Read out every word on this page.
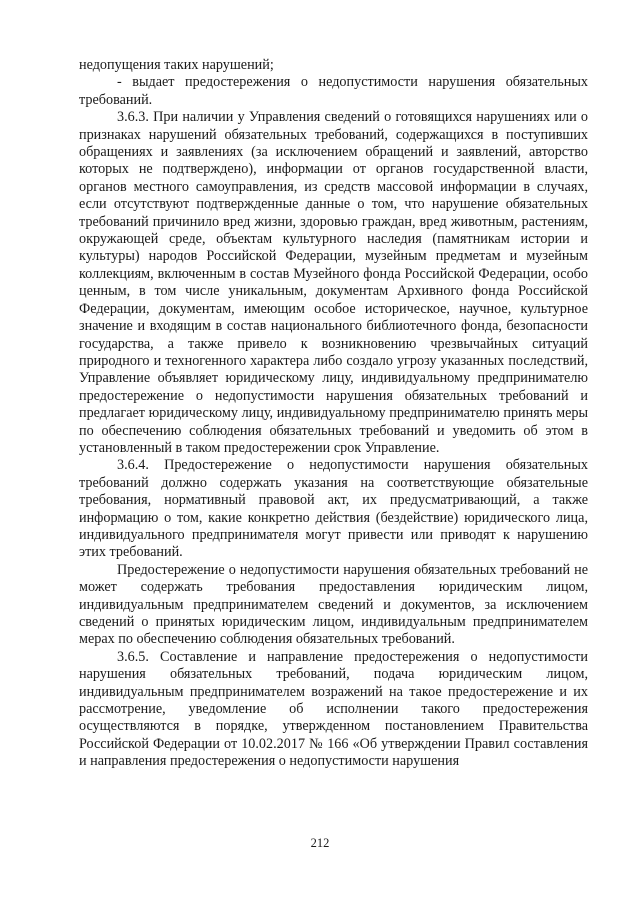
недопущения таких нарушений;

- выдает предостережения о недопустимости нарушения обязательных требований.

3.6.3. При наличии у Управления сведений о готовящихся нарушениях или о признаках нарушений обязательных требований, содержащихся в поступивших обращениях и заявлениях (за исключением обращений и заявлений, авторство которых не подтверждено), информации от органов государственной власти, органов местного самоуправления, из средств массовой информации в случаях, если отсутствуют подтвержденные данные о том, что нарушение обязательных требований причинило вред жизни, здоровью граждан, вред животным, растениям, окружающей среде, объектам культурного наследия (памятникам истории и культуры) народов Российской Федерации, музейным предметам и музейным коллекциям, включенным в состав Музейного фонда Российской Федерации, особо ценным, в том числе уникальным, документам Архивного фонда Российской Федерации, документам, имеющим особое историческое, научное, культурное значение и входящим в состав национального библиотечного фонда, безопасности государства, а также привело к возникновению чрезвычайных ситуаций природного и техногенного характера либо создало угрозу указанных последствий, Управление объявляет юридическому лицу, индивидуальному предпринимателю предостережение о недопустимости нарушения обязательных требований и предлагает юридическому лицу, индивидуальному предпринимателю принять меры по обеспечению соблюдения обязательных требований и уведомить об этом в установленный в таком предостережении срок Управление.

3.6.4. Предостережение о недопустимости нарушения обязательных требований должно содержать указания на соответствующие обязательные требования, нормативный правовой акт, их предусматривающий, а также информацию о том, какие конкретно действия (бездействие) юридического лица, индивидуального предпринимателя могут привести или приводят к нарушению этих требований.

Предостережение о недопустимости нарушения обязательных требований не может содержать требования предоставления юридическим лицом, индивидуальным предпринимателем сведений и документов, за исключением сведений о принятых юридическим лицом, индивидуальным предпринимателем мерах по обеспечению соблюдения обязательных требований.

3.6.5. Составление и направление предостережения о недопустимости нарушения обязательных требований, подача юридическим лицом, индивидуальным предпринимателем возражений на такое предостережение и их рассмотрение, уведомление об исполнении такого предостережения осуществляются в порядке, утвержденном постановлением Правительства Российской Федерации от 10.02.2017 № 166 «Об утверждении Правил составления и направления предостережения о недопустимости нарушения

212
